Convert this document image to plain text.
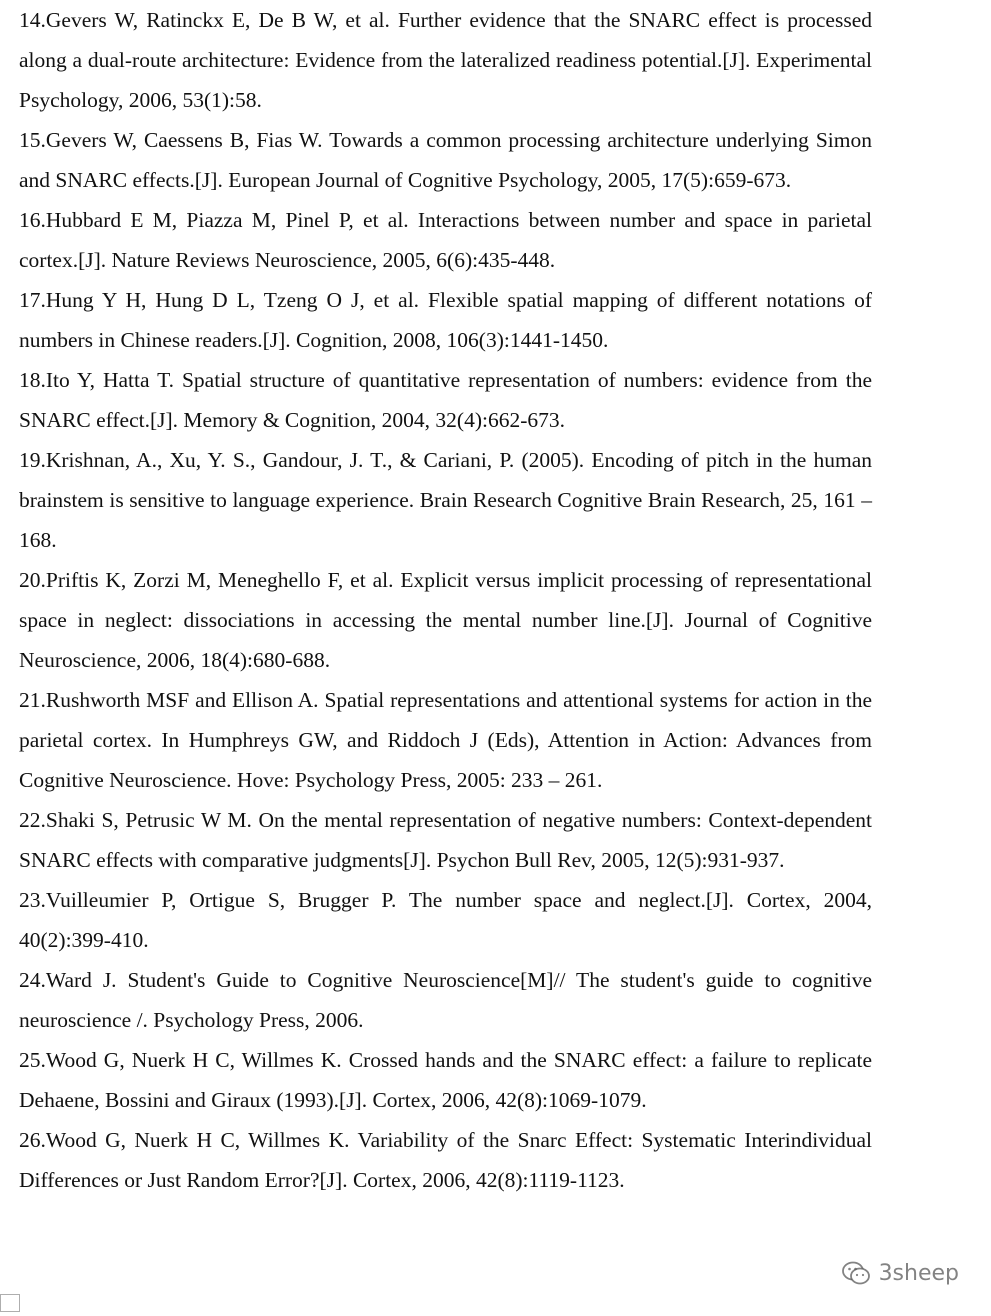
14.Gevers W, Ratinckx E, De B W, et al. Further evidence that the SNARC effect is processed along a dual-route architecture: Evidence from the lateralized readiness potential.[J]. Experimental Psychology, 2006, 53(1):58.

15.Gevers W, Caessens B, Fias W. Towards a common processing architecture underlying Simon and SNARC effects.[J]. European Journal of Cognitive Psychology, 2005, 17(5):659-673.

16.Hubbard E M, Piazza M, Pinel P, et al. Interactions between number and space in parietal cortex.[J]. Nature Reviews Neuroscience, 2005, 6(6):435-448.

17.Hung Y H, Hung D L, Tzeng O J, et al. Flexible spatial mapping of different notations of numbers in Chinese readers.[J]. Cognition, 2008, 106(3):1441-1450.

18.Ito Y, Hatta T. Spatial structure of quantitative representation of numbers: evidence from the SNARC effect.[J]. Memory & Cognition, 2004, 32(4):662-673.

19.Krishnan, A., Xu, Y. S., Gandour, J. T., & Cariani, P. (2005). Encoding of pitch in the human brainstem is sensitive to language experience. Brain Research Cognitive Brain Research, 25, 161 – 168.

20.Priftis K, Zorzi M, Meneghello F, et al. Explicit versus implicit processing of representational space in neglect: dissociations in accessing the mental number line.[J]. Journal of Cognitive Neuroscience, 2006, 18(4):680-688.

21.Rushworth MSF and Ellison A. Spatial representations and attentional systems for action in the parietal cortex. In Humphreys GW, and Riddoch J (Eds), Attention in Action: Advances from Cognitive Neuroscience. Hove: Psychology Press, 2005: 233 – 261.

22.Shaki S, Petrusic W M. On the mental representation of negative numbers: Context-dependent SNARC effects with comparative judgments[J]. Psychon Bull Rev, 2005, 12(5):931-937.

23.Vuilleumier P, Ortigue S, Brugger P. The number space and neglect.[J]. Cortex, 2004, 40(2):399-410.

24.Ward J. Student's Guide to Cognitive Neuroscience[M]// The student's guide to cognitive neuroscience /. Psychology Press, 2006.

25.Wood G, Nuerk H C, Willmes K. Crossed hands and the SNARC effect: a failure to replicate Dehaene, Bossini and Giraux (1993).[J]. Cortex, 2006, 42(8):1069-1079.

26.Wood G, Nuerk H C, Willmes K. Variability of the Snarc Effect: Systematic Interindividual Differences or Just Random Error?[J]. Cortex, 2006, 42(8):1119-1123.

3sheep
